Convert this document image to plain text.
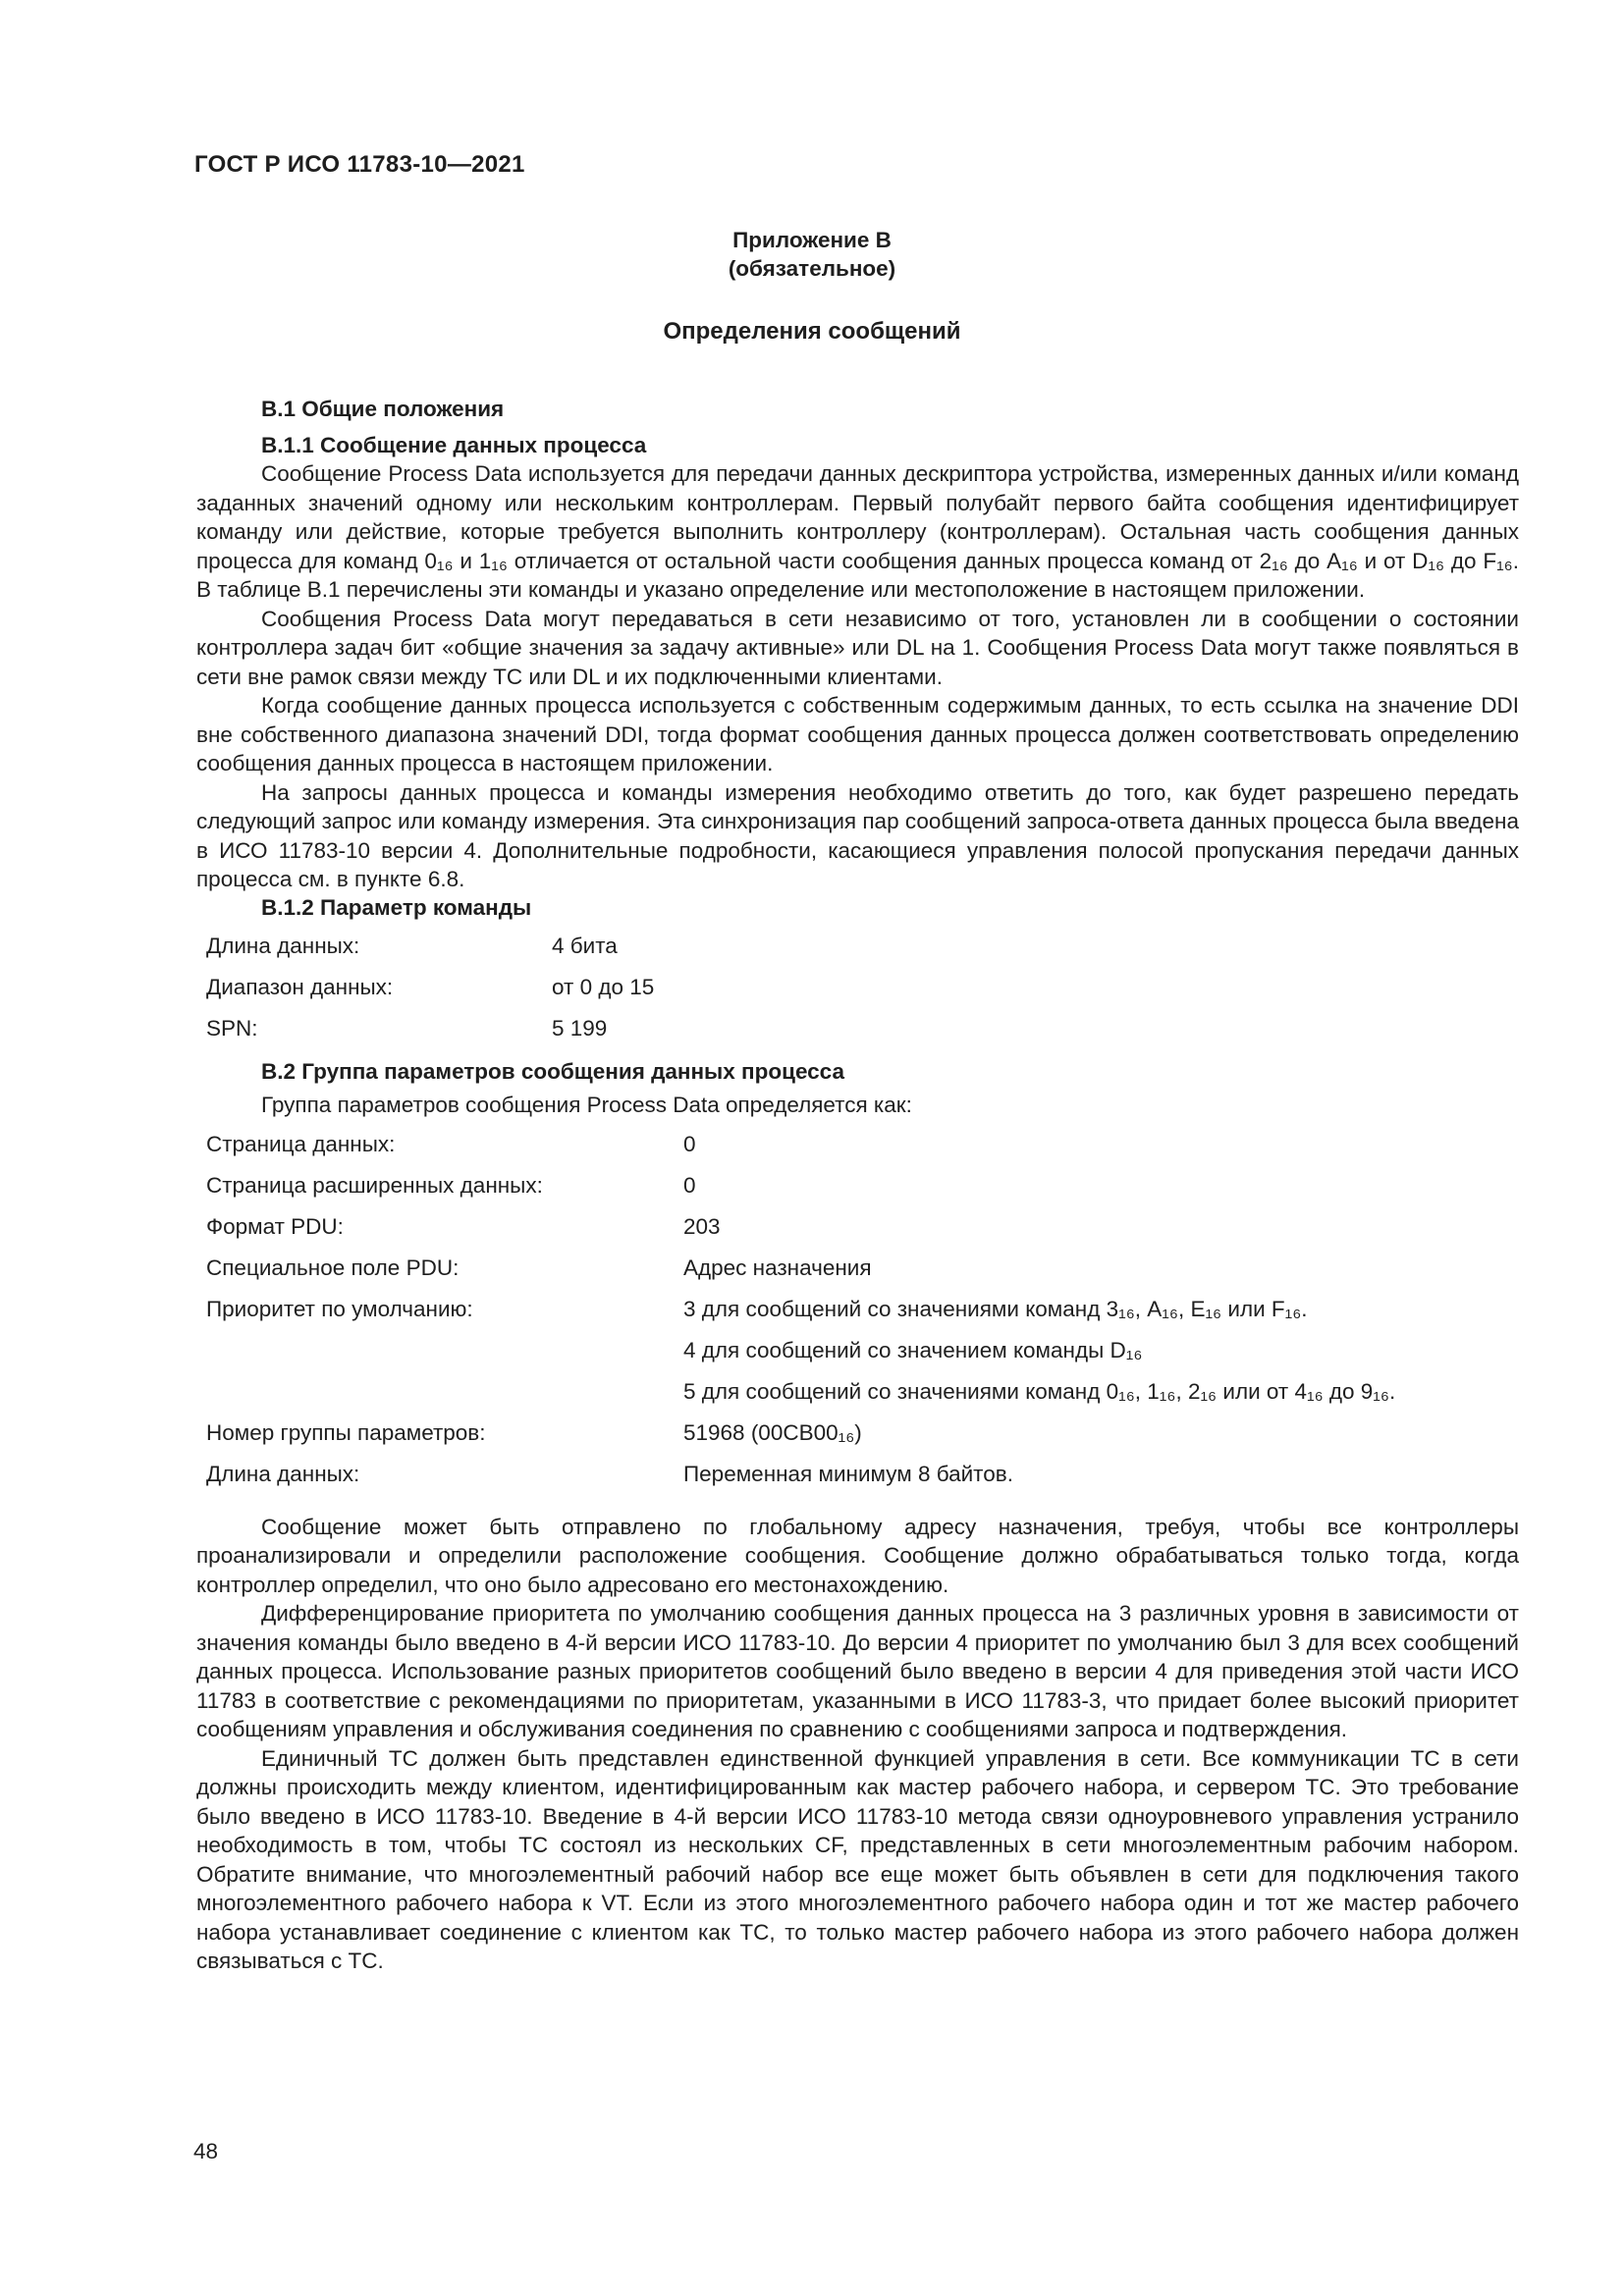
ГОСТ Р ИСО 11783-10—2021
Приложение В
(обязательное)
Определения сообщений
В.1 Общие положения
В.1.1 Сообщение данных процесса

Сообщение Process Data используется для передачи данных дескриптора устройства, измеренных данных и/или команд заданных значений одному или нескольким контроллерам. Первый полубайт первого байта сообщения идентифицирует команду или действие, которые требуется выполнить контроллеру (контроллерам). Остальная часть сообщения данных процесса для команд 0₁₆ и 1₁₆ отличается от остальной части сообщения данных процесса команд от 2₁₆ до A₁₆ и от D₁₆ до F₁₆. В таблице В.1 перечислены эти команды и указано определение или местоположение в настоящем приложении.

Сообщения Process Data могут передаваться в сети независимо от того, установлен ли в сообщении о состоянии контроллера задач бит «общие значения за задачу активные» или DL на 1. Сообщения Process Data могут также появляться в сети вне рамок связи между TC или DL и их подключенными клиентами.

Когда сообщение данных процесса используется с собственным содержимым данных, то есть ссылка на значение DDI вне собственного диапазона значений DDI, тогда формат сообщения данных процесса должен соответствовать определению сообщения данных процесса в настоящем приложении.

На запросы данных процесса и команды измерения необходимо ответить до того, как будет разрешено передать следующий запрос или команду измерения. Эта синхронизация пар сообщений запроса-ответа данных процесса была введена в ИСО 11783-10 версии 4. Дополнительные подробности, касающиеся управления полосой пропускания передачи данных процесса см. в пункте 6.8.

В.1.2 Параметр команды
Длина данных:	4 бита
Диапазон данных:	от 0 до 15
SPN:	5 199
В.2 Группа параметров сообщения данных процесса

Группа параметров сообщения Process Data определяется как:

Страница данных:	0
Страница расширенных данных:	0
Формат PDU:	203
Специальное поле PDU:	Адрес назначения
Приоритет по умолчанию:	3 для сообщений со значениями команд 3₁₆, A₁₆, E₁₆ или F₁₆.
4 для сообщений со значением команды D₁₆
5 для сообщений со значениями команд 0₁₆, 1₁₆, 2₁₆ или от 4₁₆ до 9₁₆.
Номер группы параметров:	51968 (00CB00₁₆)
Длина данных:	Переменная минимум 8 байтов.

Сообщение может быть отправлено по глобальному адресу назначения, требуя, чтобы все контроллеры проанализировали и определили расположение сообщения. Сообщение должно обрабатываться только тогда, когда контроллер определил, что оно было адресовано его местонахождению.

Дифференцирование приоритета по умолчанию сообщения данных процесса на 3 различных уровня в зависимости от значения команды было введено в 4-й версии ИСО 11783-10. До версии 4 приоритет по умолчанию был 3 для всех сообщений данных процесса. Использование разных приоритетов сообщений было введено в версии 4 для приведения этой части ИСО 11783 в соответствие с рекомендациями по приоритетам, указанными в ИСО 11783-3, что придает более высокий приоритет сообщениям управления и обслуживания соединения по сравнению с сообщениями запроса и подтверждения.

Единичный TC должен быть представлен единственной функцией управления в сети. Все коммуникации TC в сети должны происходить между клиентом, идентифицированным как мастер рабочего набора, и сервером TC. Это требование было введено в ИСО 11783-10. Введение в 4-й версии ИСО 11783-10 метода связи одноуровневого управления устранило необходимость в том, чтобы TC состоял из нескольких CF, представленных в сети многоэлементным рабочим набором. Обратите внимание, что многоэлементный рабочий набор все еще может быть объявлен в сети для подключения такого многоэлементного рабочего набора к VT. Если из этого многоэлементного рабочего набора один и тот же мастер рабочего набора устанавливает соединение с клиентом как TC, то только мастер рабочего набора из этого рабочего набора должен связываться с TC.

48
